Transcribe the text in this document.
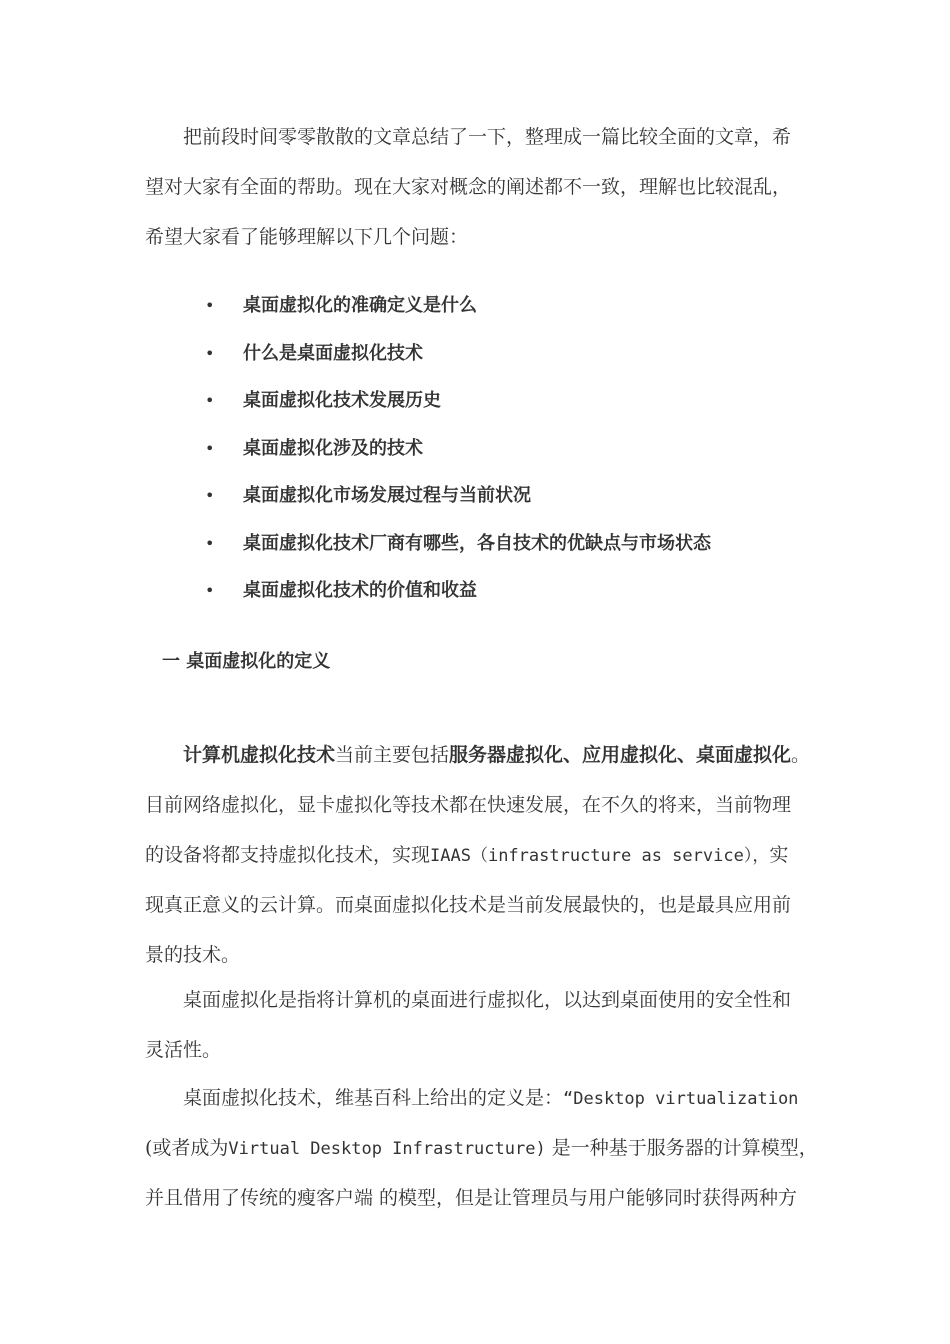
把前段时间零零散散的文章总结了一下，整理成一篇比较全面的文章，希
望对大家有全面的帮助。现在大家对概念的阐述都不一致，理解也比较混乱，
希望大家看了能够理解以下几个问题：
• 桌面虚拟化的准确定义是什么
• 什么是桌面虚拟化技术
• 桌面虚拟化技术发展历史
• 桌面虚拟化涉及的技术
• 桌面虚拟化市场发展过程与当前状况
• 桌面虚拟化技术厂商有哪些，各自技术的优缺点与市场状态
• 桌面虚拟化技术的价值和收益
一 桌面虚拟化的定义
计算机虚拟化技术当前主要包括服务器虚拟化、应用虚拟化、桌面虚拟化。
目前网络虚拟化，显卡虚拟化等技术都在快速发展，在不久的将来，当前物理
的设备将都支持虚拟化技术，实现IAAS（infrastructure as service），实
现真正意义的云计算。而桌面虚拟化技术是当前发展最快的，也是最具应用前
景的技术。
桌面虚拟化是指将计算机的桌面进行虚拟化，以达到桌面使用的安全性和
灵活性。
桌面虚拟化技术，维基百科上给出的定义是：“Desktop virtualization
(或者成为Virtual Desktop Infrastructure) 是一种基于服务器的计算模型，
并且借用了传统的瘦客户端 的模型，但是让管理员与用户能够同时获得两种方
